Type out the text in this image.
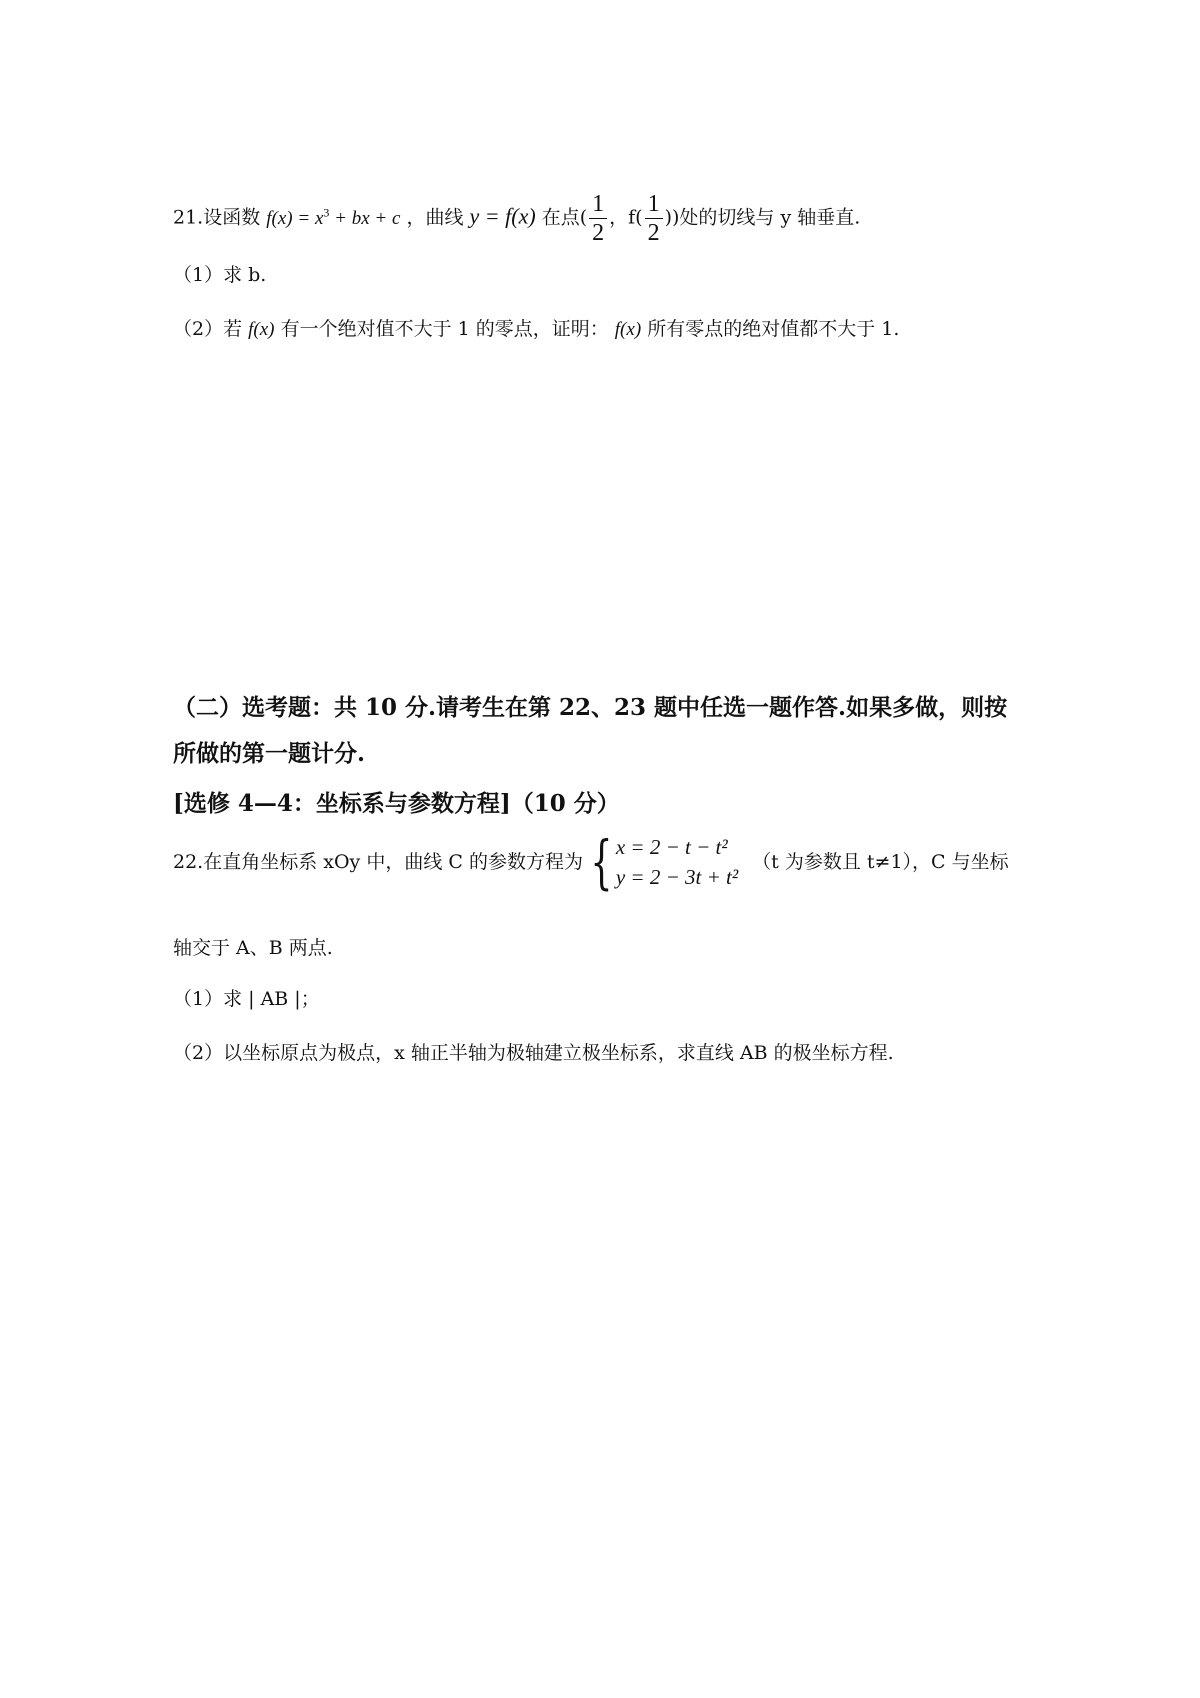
21.设函数 $f(x) = x^3$ + bx + c ，曲线 y = f(x) 在点( $\frac{1}{2}$ ，$f( \frac{1}{2}$ ))处的切线与 y 轴垂直.
（1）求 b.
（2）若 f(x) 有一个绝对值不大于 1 的零点，证明： f(x) 所有零点的绝对值都不大于 1.
（二）选考题：共 10 分.请考生在第 22、23 题中任选一题作答.如果多做，则按
所做的第一题计分.
[选修 4—4：坐标系与参数方程]（10 分）
22.在直角坐标系 xOy 中，曲线 C 的参数方程为 { x = 2 − t − t²
y = 2 − 3t + t²
（t 为参数且 t≠1），C 与坐标
轴交于 A、B 两点.
（1）求 | AB |；
（2）以坐标原点为极点，x 轴正半轴为极轴建立极坐标系，求直线 AB 的极坐标方程.
